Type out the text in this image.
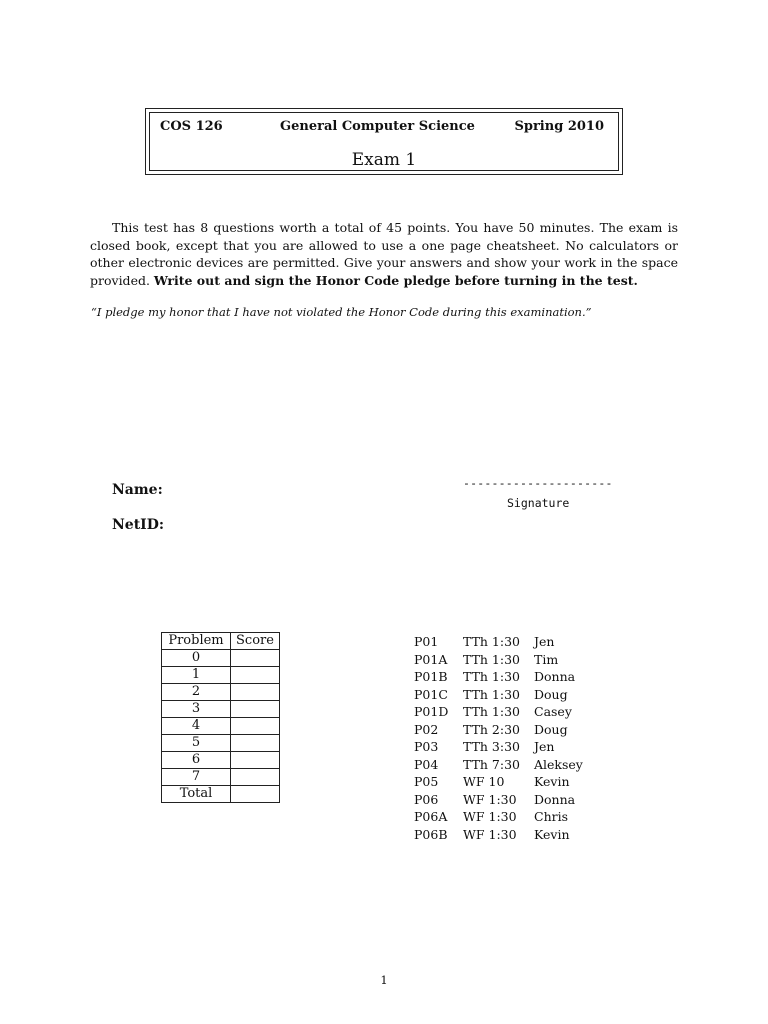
COS 126	General Computer Science	Spring 2010
Exam 1

This test has 8 questions worth a total of 45 points. You have 50 minutes. The exam is closed book, except that you are allowed to use a one page cheatsheet. No calculators or other electronic devices are permitted. Give your answers and show your work in the space provided. Write out and sign the Honor Code pledge before turning in the test.

“I pledge my honor that I have not violated the Honor Code during this examination.”
Name:
NetID:
---------------------
Signature
Problem	Score
0	
1	
2	
3	
4	
5	
6	
7	
Total	
P01 TTh 1:30 Jen
P01A TTh 1:30 Tim
P01B TTh 1:30 Donna
P01C TTh 1:30 Doug
P01D TTh 1:30 Casey
P02 TTh 2:30 Doug
P03 TTh 3:30 Jen
P04 TTh 7:30 Aleksey
P05 WF 10 Kevin
P06 WF 1:30 Donna
P06A WF 1:30 Chris
P06B WF 1:30 Kevin
1
